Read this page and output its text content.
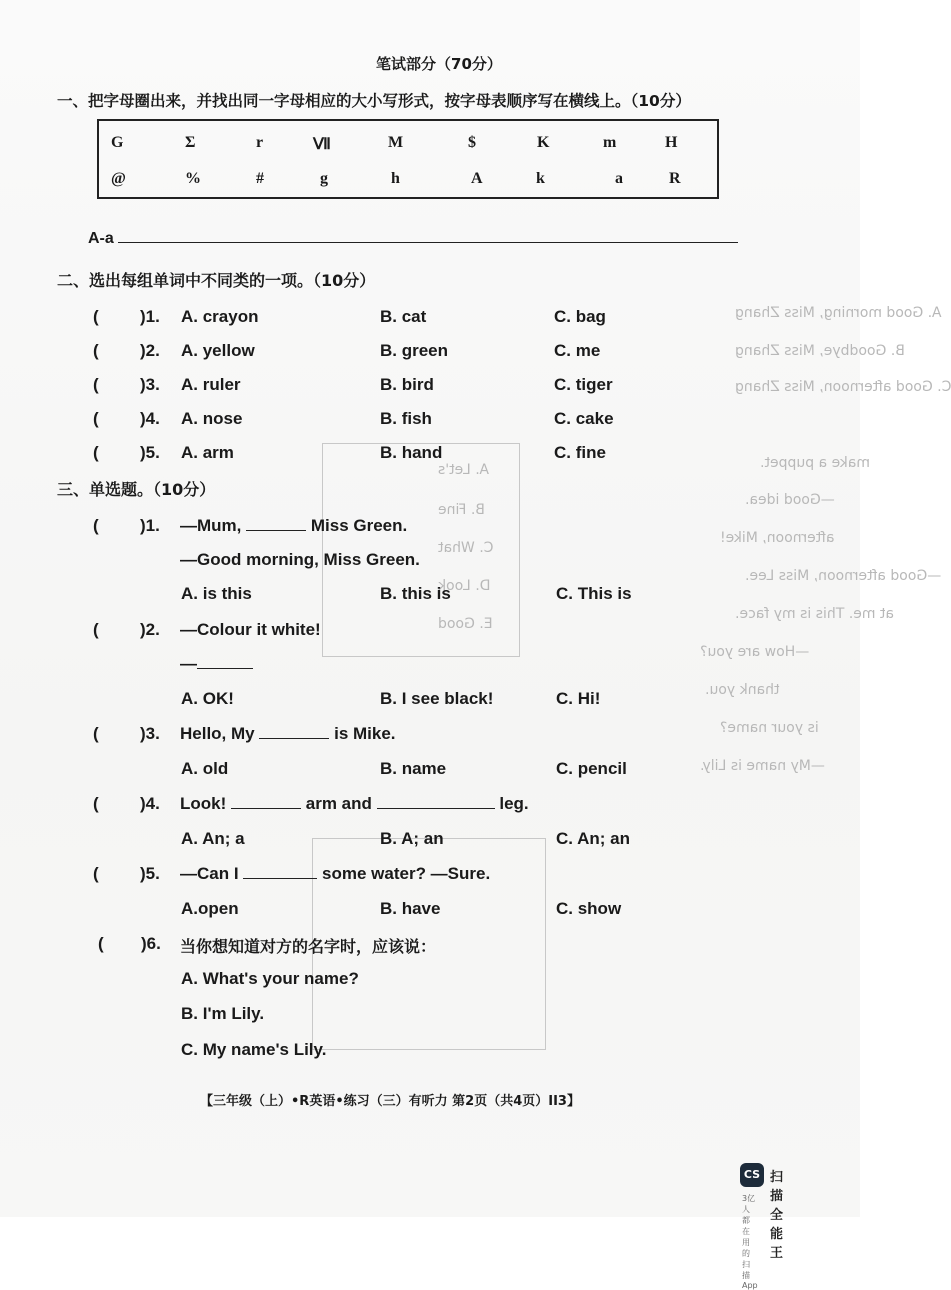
A. Good morning, Miss Zhang
B. Goodbye, Miss Zhang
C. Good afternoon, Miss Zhang
A. Let's
B. Fine
C. What
D. Look
E. Good
make a puppet.
—Good idea.
afternoon, Mike!
—Good afternoon, Miss Lee.
at me. This is my face.
—How are you?
thank you.
is your name?
—My name is Lily.
笔试部分（70分）
一、把字母圈出来，并找出同一字母相应的大小写形式，按字母表顺序写在横线上。（10分）
G	Σ	r	Ⅶ	M	$	K	m	H
@	%	#	g	h	A	k	a	R
A-a
二、选出每组单词中不同类的一项。（10分）
( )1. A. crayon	B. cat	C. bag
( )2. A. yellow	B. green	C. me
( )3. A. ruler	B. bird	C. tiger
( )4. A. nose	B. fish	C. cake
( )5. A. arm	B. hand	C. fine
三、单选题。（10分）
( )1. —Mum,	Miss Green.
—Good morning, Miss Green.
A. is this	B. this is	C. This is
( )2. —Colour it white!
—
A. OK!	B. I see black!	C. Hi!
( )3. Hello, My	is Mike.
A. old	B. name	C. pencil
( )4. Look!	arm and	leg.
A. An; a	B. A; an	C. An; an
( )5. —Can I	some water? —Sure.
A.open	B. have	C. show
( )6. 当你想知道对方的名字时，应该说：
A. What's your name?
B. I'm Lily.
C. My name's Lily.
【三年级（上）•R英语•练习（三）有听力 第2页（共4页）II3】
CS 扫描全能王
3亿人都在用的扫描App
